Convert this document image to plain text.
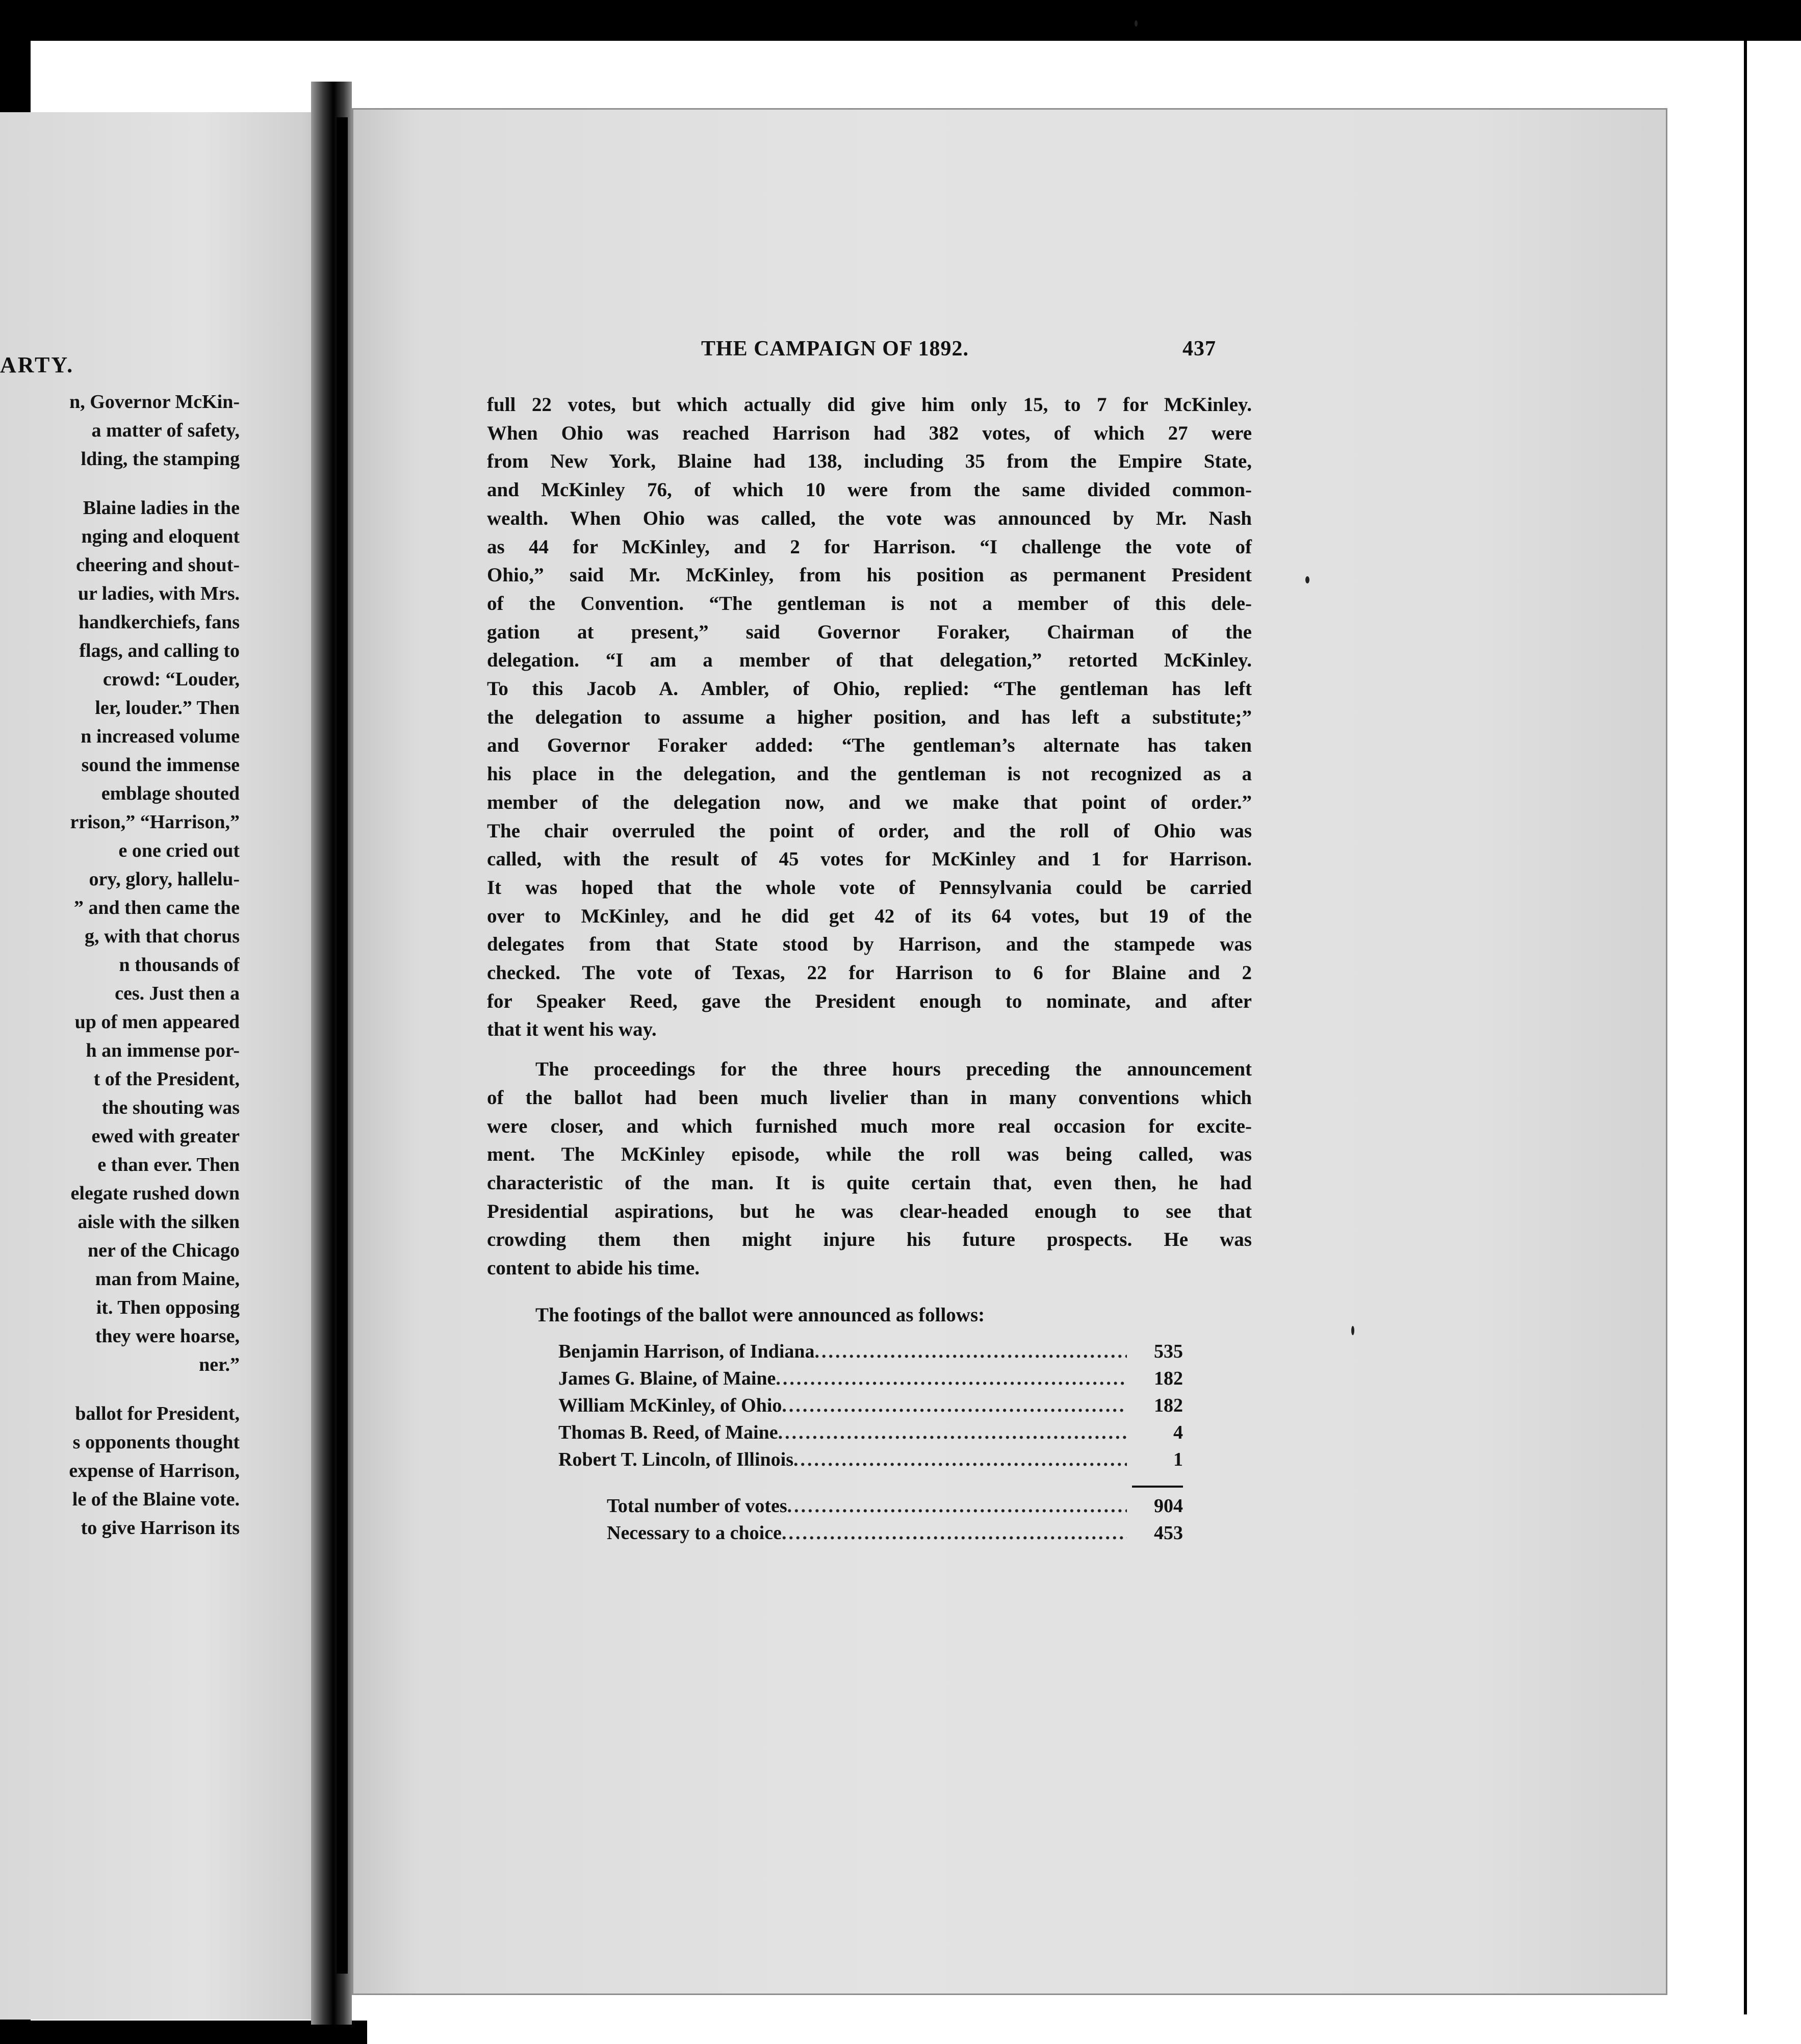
ARTY.
n, Governor McKin-
a matter of safety,
lding, the stamping
Blaine ladies in the
nging and eloquent
cheering and shout-
ur ladies, with Mrs.
handkerchiefs, fans
flags, and calling to
crowd: “Louder,
ler, louder.” Then
n increased volume
sound the immense
emblage shouted
rrison,” “Harrison,”
e one cried out
ory, glory, hallelu-
” and then came the
g, with that chorus
n thousands of
ces. Just then a
up of men appeared
h an immense por-
t of the President,
the shouting was
ewed with greater
e than ever. Then
elegate rushed down
aisle with the silken
ner of the Chicago
man from Maine,
it. Then opposing
they were hoarse,
ner.”
ballot for President,
s opponents thought
expense of Harrison,
le of the Blaine vote.
to give Harrison its
THE CAMPAIGN OF 1892.	437
full 22 votes, but which actually did give him only 15, to 7 for McKinley.
When Ohio was reached Harrison had 382 votes, of which 27 were
from New York, Blaine had 138, including 35 from the Empire State,
and McKinley 76, of which 10 were from the same divided common-
wealth. When Ohio was called, the vote was announced by Mr. Nash
as 44 for McKinley, and 2 for Harrison. “I challenge the vote of
Ohio,” said Mr. McKinley, from his position as permanent President
of the Convention. “The gentleman is not a member of this dele-
gation at present,” said Governor Foraker, Chairman of the
delegation. “I am a member of that delegation,” retorted McKinley.
To this Jacob A. Ambler, of Ohio, replied: “The gentleman has left
the delegation to assume a higher position, and has left a substitute;”
and Governor Foraker added: “The gentleman’s alternate has taken
his place in the delegation, and the gentleman is not recognized as a
member of the delegation now, and we make that point of order.”
The chair overruled the point of order, and the roll of Ohio was
called, with the result of 45 votes for McKinley and 1 for Harrison.
It was hoped that the whole vote of Pennsylvania could be carried
over to McKinley, and he did get 42 of its 64 votes, but 19 of the
delegates from that State stood by Harrison, and the stampede was
checked. The vote of Texas, 22 for Harrison to 6 for Blaine and 2
for Speaker Reed, gave the President enough to nominate, and after
that it went his way.
The proceedings for the three hours preceding the announcement
of the ballot had been much livelier than in many conventions which
were closer, and which furnished much more real occasion for excite-
ment. The McKinley episode, while the roll was being called, was
characteristic of the man. It is quite certain that, even then, he had
Presidential aspirations, but he was clear-headed enough to see that
crowding them then might injure his future prospects. He was
content to abide his time.
The footings of the ballot were announced as follows:
Benjamin Harrison, of Indiana .....	535
James G. Blaine, of Maine .....	182
William McKinley, of Ohio .....	182
Thomas B. Reed, of Maine .....	4
Robert T. Lincoln, of Illinois .....	1
Total number of votes .....	904
Necessary to a choice .....	453
